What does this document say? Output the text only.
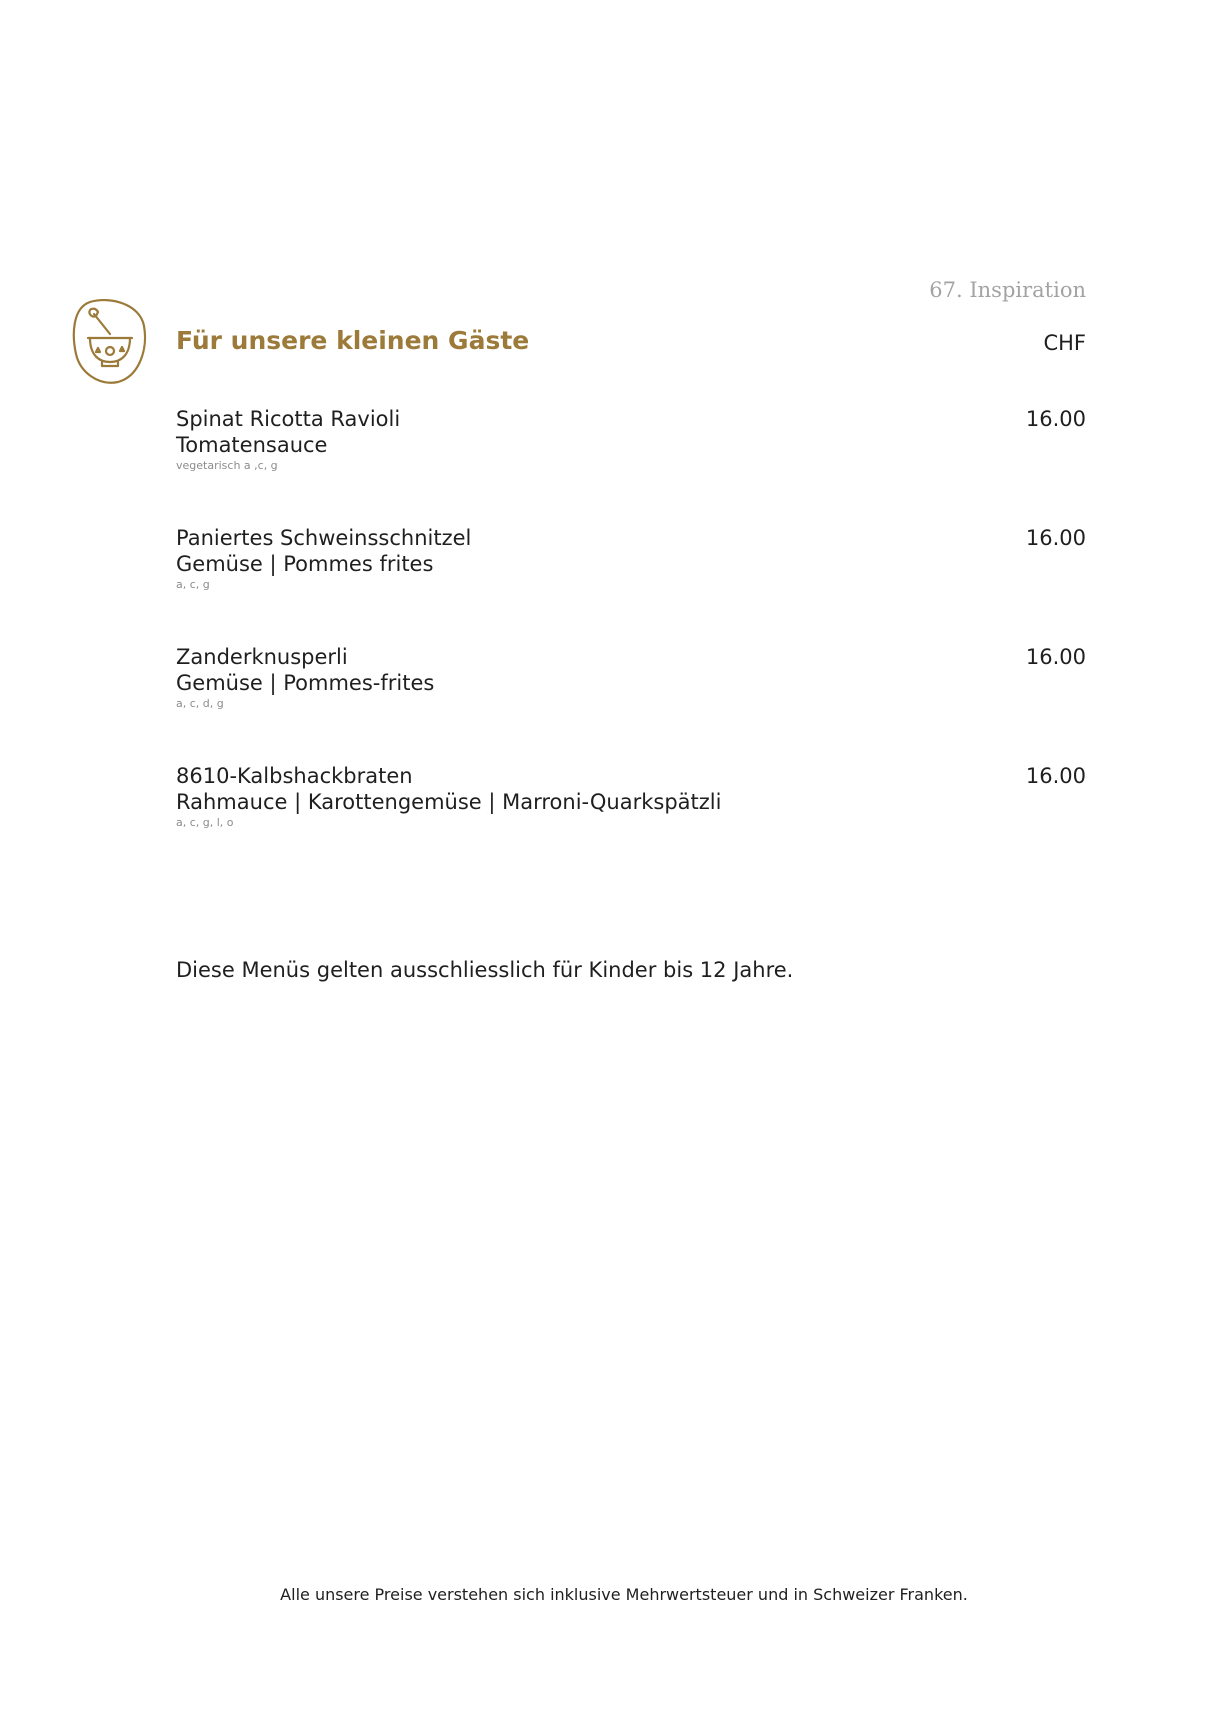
67. Inspiration
Für unsere kleinen Gäste	CHF
Spinat Ricotta Ravioli
Tomatensauce
vegetarisch a ,c, g
16.00
Paniertes Schweinsschnitzel
Gemüse | Pommes frites
a, c, g
16.00
Zanderknusperli
Gemüse | Pommes-frites
a, c, d, g
16.00
8610-Kalbshackbraten
Rahmauce | Karottengemüse | Marroni-Quarkspätzli
a, c, g, l, o
16.00
Diese Menüs gelten ausschliesslich für Kinder bis 12 Jahre.
Alle unsere Preise verstehen sich inklusive Mehrwertsteuer und in Schweizer Franken.
